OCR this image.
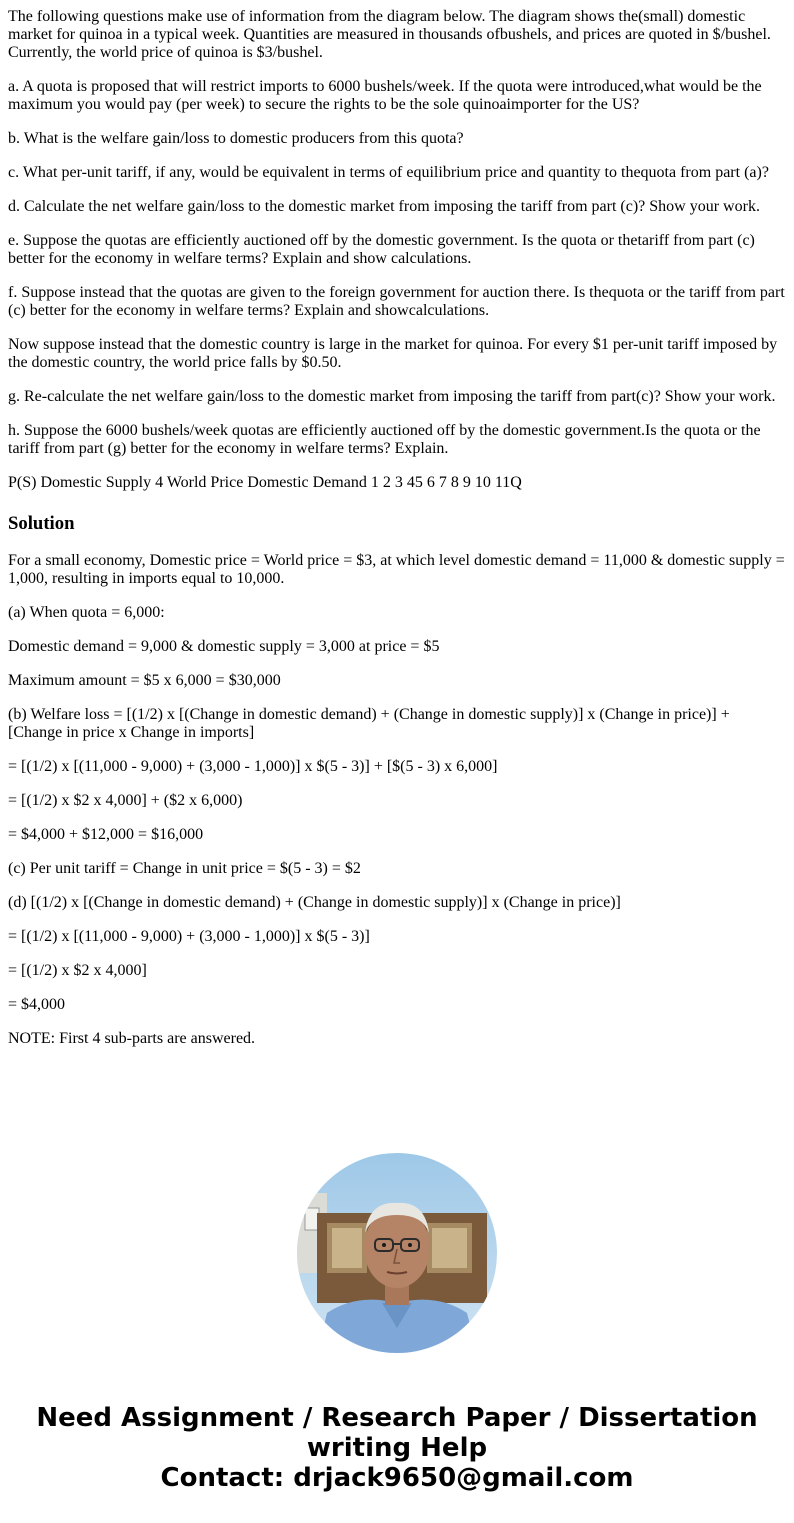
The following questions make use of information from the diagram below. The diagram shows the(small) domestic market for quinoa in a typical week. Quantities are measured in thousands ofbushels, and prices are quoted in $/bushel. Currently, the world price of quinoa is $3/bushel.

a. A quota is proposed that will restrict imports to 6000 bushels/week. If the quota were introduced,what would be the maximum you would pay (per week) to secure the rights to be the sole quinoaimporter for the US?

b. What is the welfare gain/loss to domestic producers from this quota?

c. What per-unit tariff, if any, would be equivalent in terms of equilibrium price and quantity to thequota from part (a)?

d. Calculate the net welfare gain/loss to the domestic market from imposing the tariff from part (c)? Show your work.

e. Suppose the quotas are efficiently auctioned off by the domestic government. Is the quota or thetariff from part (c) better for the economy in welfare terms? Explain and show calculations.

f. Suppose instead that the quotas are given to the foreign government for auction there. Is thequota or the tariff from part (c) better for the economy in welfare terms? Explain and showcalculations.

Now suppose instead that the domestic country is large in the market for quinoa. For every $1 per-unit tariff imposed by the domestic country, the world price falls by $0.50.

g. Re-calculate the net welfare gain/loss to the domestic market from imposing the tariff from part(c)? Show your work.

h. Suppose the 6000 bushels/week quotas are efficiently auctioned off by the domestic government.Is the quota or the tariff from part (g) better for the economy in welfare terms? Explain.

P(S) Domestic Supply 4 World Price Domestic Demand 1 2 3 45 6 7 8 9 10 11Q

Solution

For a small economy, Domestic price = World price = $3, at which level domestic demand = 11,000 & domestic supply = 1,000, resulting in imports equal to 10,000.

(a) When quota = 6,000:

Domestic demand = 9,000 & domestic supply = 3,000 at price = $5

Maximum amount = $5 x 6,000 = $30,000

(b) Welfare loss = [(1/2) x [(Change in domestic demand) + (Change in domestic supply)] x (Change in price)] + [Change in price x Change in imports]

= [(1/2) x [(11,000 - 9,000) + (3,000 - 1,000)] x $(5 - 3)] + [$(5 - 3) x 6,000]

= [(1/2) x $2 x 4,000] + ($2 x 6,000)

= $4,000 + $12,000 = $16,000

(c) Per unit tariff = Change in unit price = $(5 - 3) = $2

(d) [(1/2) x [(Change in domestic demand) + (Change in domestic supply)] x (Change in price)]

= [(1/2) x [(11,000 - 9,000) + (3,000 - 1,000)] x $(5 - 3)]

= [(1/2) x $2 x 4,000]

= $4,000

NOTE: First 4 sub-parts are answered.

Need Assignment / Research Paper / Dissertation
writing Help
Contact: drjack9650@gmail.com
